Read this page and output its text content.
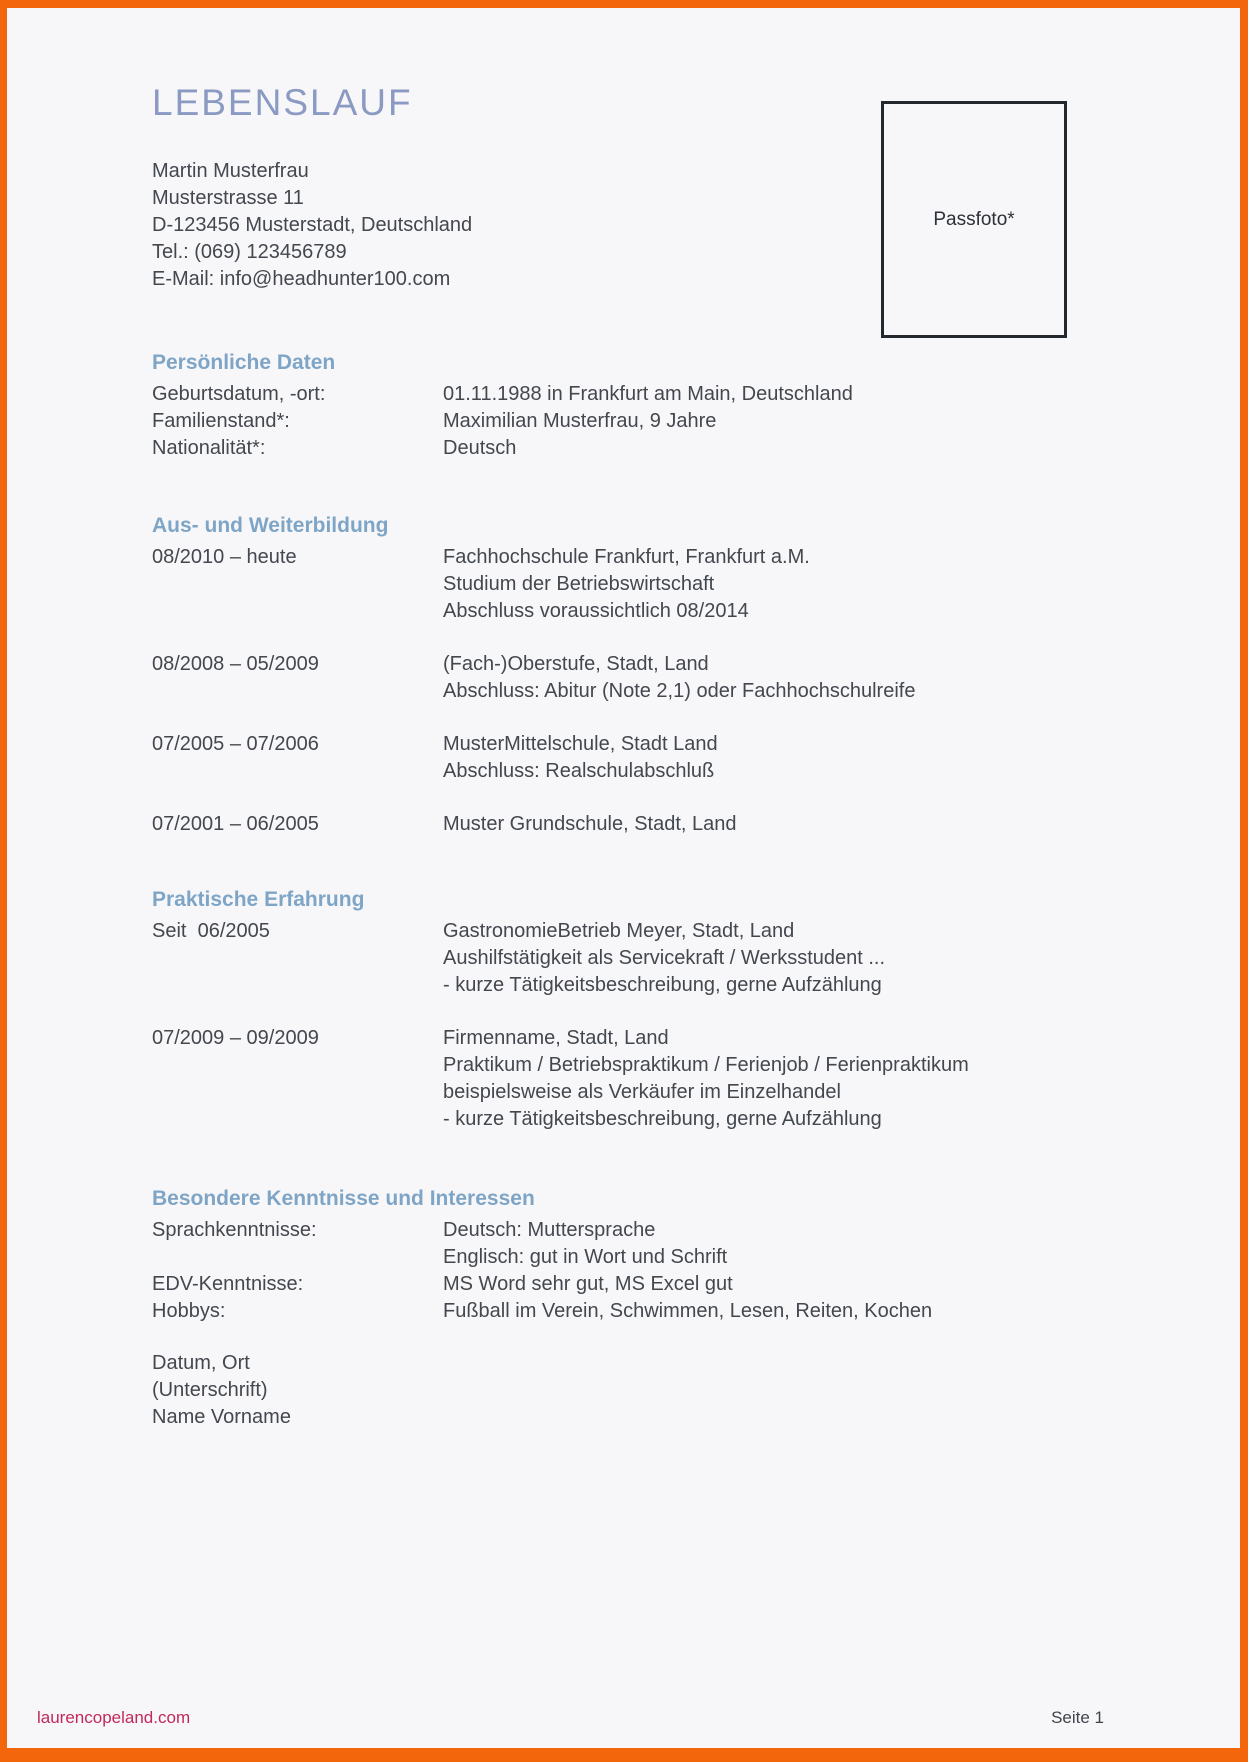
LEBENSLAUF
Martin Musterfrau
Musterstrasse 11
D-123456 Musterstadt, Deutschland
Tel.: (069) 123456789
E-Mail: info@headhunter100.com
Persönliche Daten
Geburtsdatum, -ort:	01.11.1988 in Frankfurt am Main, Deutschland
Familienstand*:	Maximilian Musterfrau, 9 Jahre
Nationalität*:	Deutsch
Aus- und Weiterbildung
08/2010 – heute	Fachhochschule Frankfurt, Frankfurt a.M.
Studium der Betriebswirtschaft
Abschluss voraussichtlich 08/2014
08/2008 – 05/2009	(Fach-)Oberstufe, Stadt, Land
Abschluss: Abitur (Note 2,1) oder Fachhochschulreife
07/2005 – 07/2006	MusterMittelschule, Stadt Land
Abschluss: Realschulabschluß
07/2001 – 06/2005	Muster Grundschule, Stadt, Land
Praktische Erfahrung
Seit  06/2005	GastronomieBetrieb Meyer, Stadt, Land
Aushilfstätigkeit als Servicekraft / Werksstudent ...
- kurze Tätigkeitsbeschreibung, gerne Aufzählung
07/2009 – 09/2009	Firmenname, Stadt, Land
Praktikum / Betriebspraktikum / Ferienjob / Ferienpraktikum
beispielsweise als Verkäufer im Einzelhandel
- kurze Tätigkeitsbeschreibung, gerne Aufzählung
Besondere Kenntnisse und Interessen
Sprachkenntnisse:	Deutsch: Muttersprache
Englisch: gut in Wort und Schrift
EDV-Kenntnisse:	MS Word sehr gut, MS Excel gut
Hobbys:	Fußball im Verein, Schwimmen, Lesen, Reiten, Kochen
Datum, Ort
(Unterschrift)
Name Vorname
Passfoto*
laurencopeland.com	Seite 1
